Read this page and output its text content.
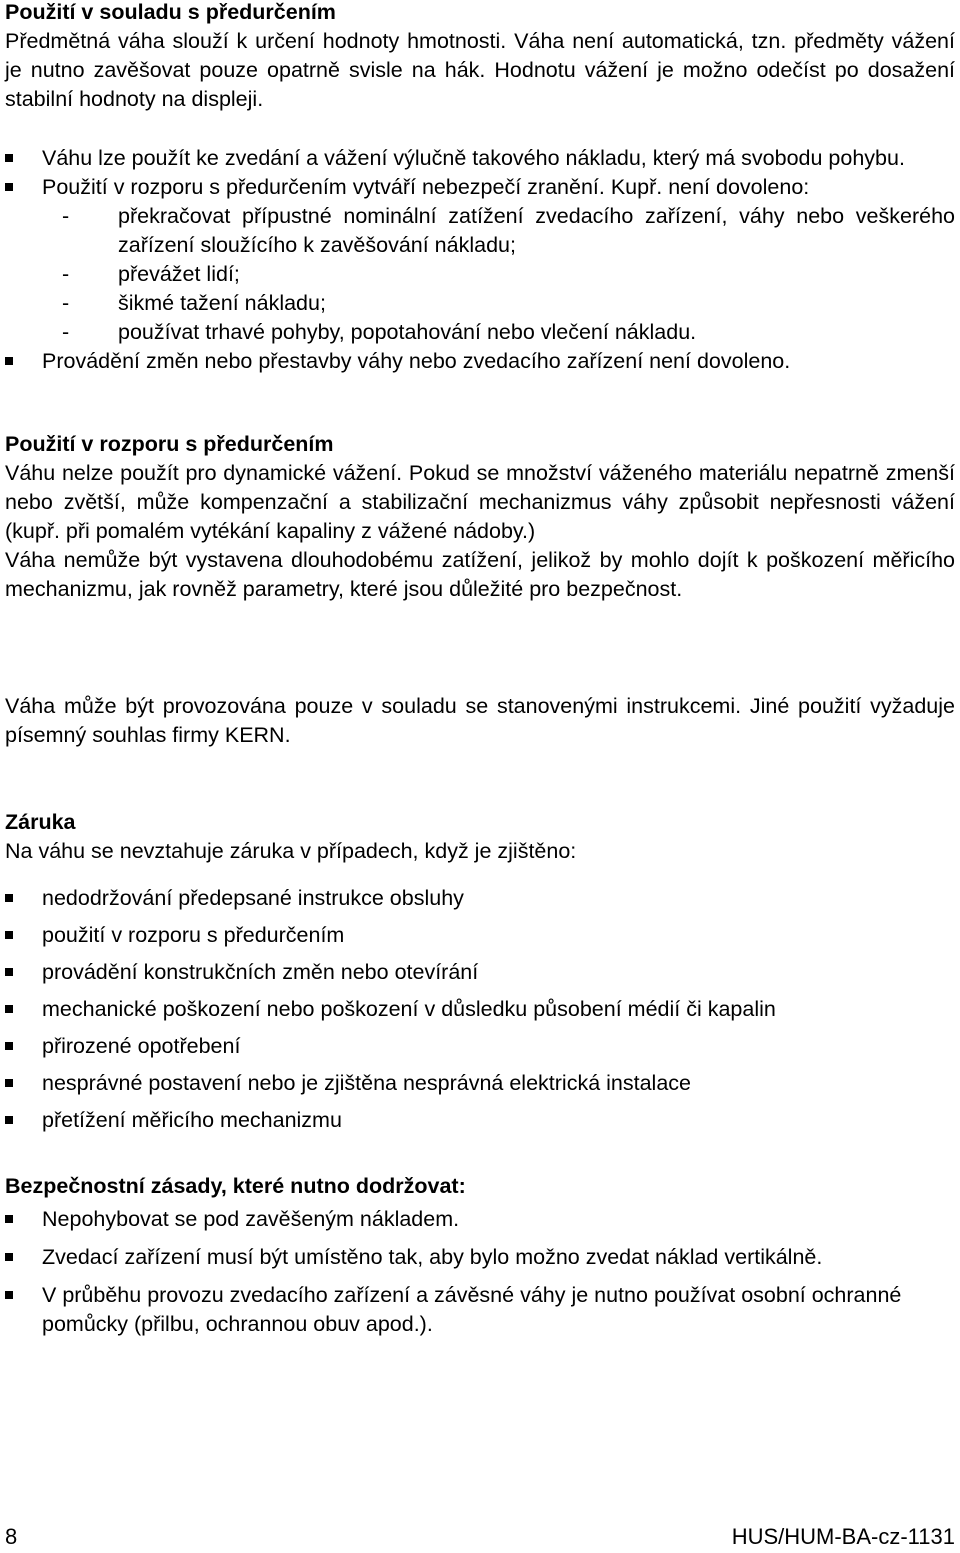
Použití v souladu s předurčením

Předmětná váha slouží k určení hodnoty hmotnosti. Váha není automatická, tzn. předměty vážení je nutno zavěšovat pouze opatrně svisle na hák. Hodnotu vážení je možno odečíst po dosažení stabilní hodnoty na displeji.

Váhu lze použít ke zvedání a vážení výlučně takového nákladu, který má svobodu pohybu.
Použití v rozporu s předurčením vytváří nebezpečí zranění. Kupř. není dovoleno:
- překračovat přípustné nominální zatížení zvedacího zařízení, váhy nebo veškerého zařízení sloužícího k zavěšování nákladu;
- převážet lidí;
- šikmé tažení nákladu;
- používat trhavé pohyby, popotahování nebo vlečení nákladu.
Provádění změn nebo přestavby váhy nebo zvedacího zařízení není dovoleno.
Použití v rozporu s předurčením

Váhu nelze použít pro dynamické vážení. Pokud se množství váženého materiálu nepatrně zmenší nebo zvětší, může kompenzační a stabilizační mechanizmus váhy způsobit nepřesnosti vážení (kupř. při pomalém vytékání kapaliny z vážené nádoby.)

Váha nemůže být vystavena dlouhodobému zatížení, jelikož by mohlo dojít k poškození měřicího mechanizmu, jak rovněž parametry, které jsou důležité pro bezpečnost.

Váha může být provozována pouze v souladu se stanovenými instrukcemi. Jiné použití vyžaduje písemný souhlas firmy KERN.

Záruka

Na váhu se nevztahuje záruka v případech, když je zjištěno:

nedodržování předepsané instrukce obsluhy
použití v rozporu s předurčením
provádění konstrukčních změn nebo otevírání
mechanické poškození nebo poškození v důsledku působení médií či kapalin
přirozené opotřebení
nesprávné postavení nebo je zjištěna nesprávná elektrická instalace
přetížení měřicího mechanizmu
Bezpečnostní zásady, které nutno dodržovat:
Nepohybovat se pod zavěšeným nákladem.
Zvedací zařízení musí být umístěno tak, aby bylo možno zvedat náklad vertikálně.
V průběhu provozu zvedacího zařízení a závěsné váhy je nutno používat osobní ochranné pomůcky (přilbu, ochrannou obuv apod.).
8	HUS/HUM-BA-cz-1131
